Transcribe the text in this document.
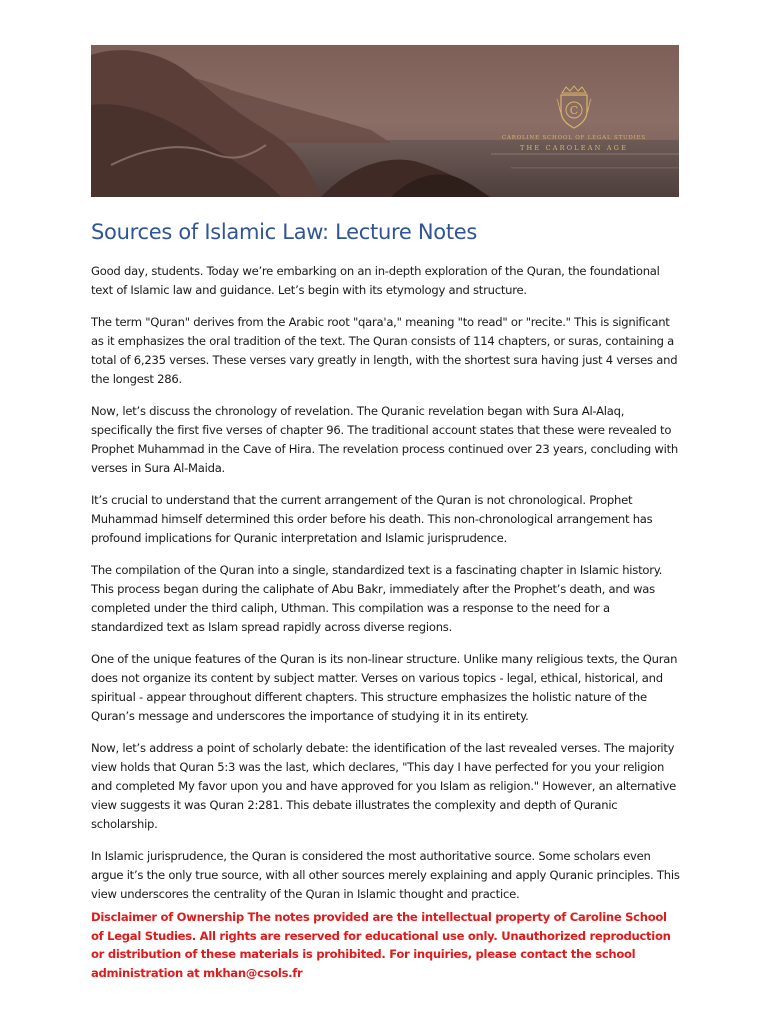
C
CAROLINE SCHOOL OF LEGAL STUDIES
THE CAROLEAN AGE
Sources of Islamic Law: Lecture Notes

Good day, students. Today we’re embarking on an in-depth exploration of the Quran, the foundational text of Islamic law and guidance. Let’s begin with its etymology and structure.

The term "Quran" derives from the Arabic root "qara'a," meaning "to read" or "recite." This is significant as it emphasizes the oral tradition of the text. The Quran consists of 114 chapters, or suras, containing a total of 6,235 verses. These verses vary greatly in length, with the shortest sura having just 4 verses and the longest 286.

Now, let’s discuss the chronology of revelation. The Quranic revelation began with Sura Al-Alaq, specifically the first five verses of chapter 96. The traditional account states that these were revealed to Prophet Muhammad in the Cave of Hira. The revelation process continued over 23 years, concluding with verses in Sura Al-Maida.

It’s crucial to understand that the current arrangement of the Quran is not chronological. Prophet Muhammad himself determined this order before his death. This non-chronological arrangement has profound implications for Quranic interpretation and Islamic jurisprudence.

The compilation of the Quran into a single, standardized text is a fascinating chapter in Islamic history. This process began during the caliphate of Abu Bakr, immediately after the Prophet’s death, and was completed under the third caliph, Uthman. This compilation was a response to the need for a standardized text as Islam spread rapidly across diverse regions.

One of the unique features of the Quran is its non-linear structure. Unlike many religious texts, the Quran does not organize its content by subject matter. Verses on various topics - legal, ethical, historical, and spiritual - appear throughout different chapters. This structure emphasizes the holistic nature of the Quran’s message and underscores the importance of studying it in its entirety.

Now, let’s address a point of scholarly debate: the identification of the last revealed verses. The majority view holds that Quran 5:3 was the last, which declares, "This day I have perfected for you your religion and completed My favor upon you and have approved for you Islam as religion." However, an alternative view suggests it was Quran 2:281. This debate illustrates the complexity and depth of Quranic scholarship.

In Islamic jurisprudence, the Quran is considered the most authoritative source. Some scholars even argue it’s the only true source, with all other sources merely explaining and apply Quranic principles. This view underscores the centrality of the Quran in Islamic thought and practice.

Disclaimer of Ownership The notes provided are the intellectual property of Caroline School of Legal Studies. All rights are reserved for educational use only. Unauthorized reproduction or distribution of these materials is prohibited. For inquiries, please contact the school administration at mkhan@csols.fr
